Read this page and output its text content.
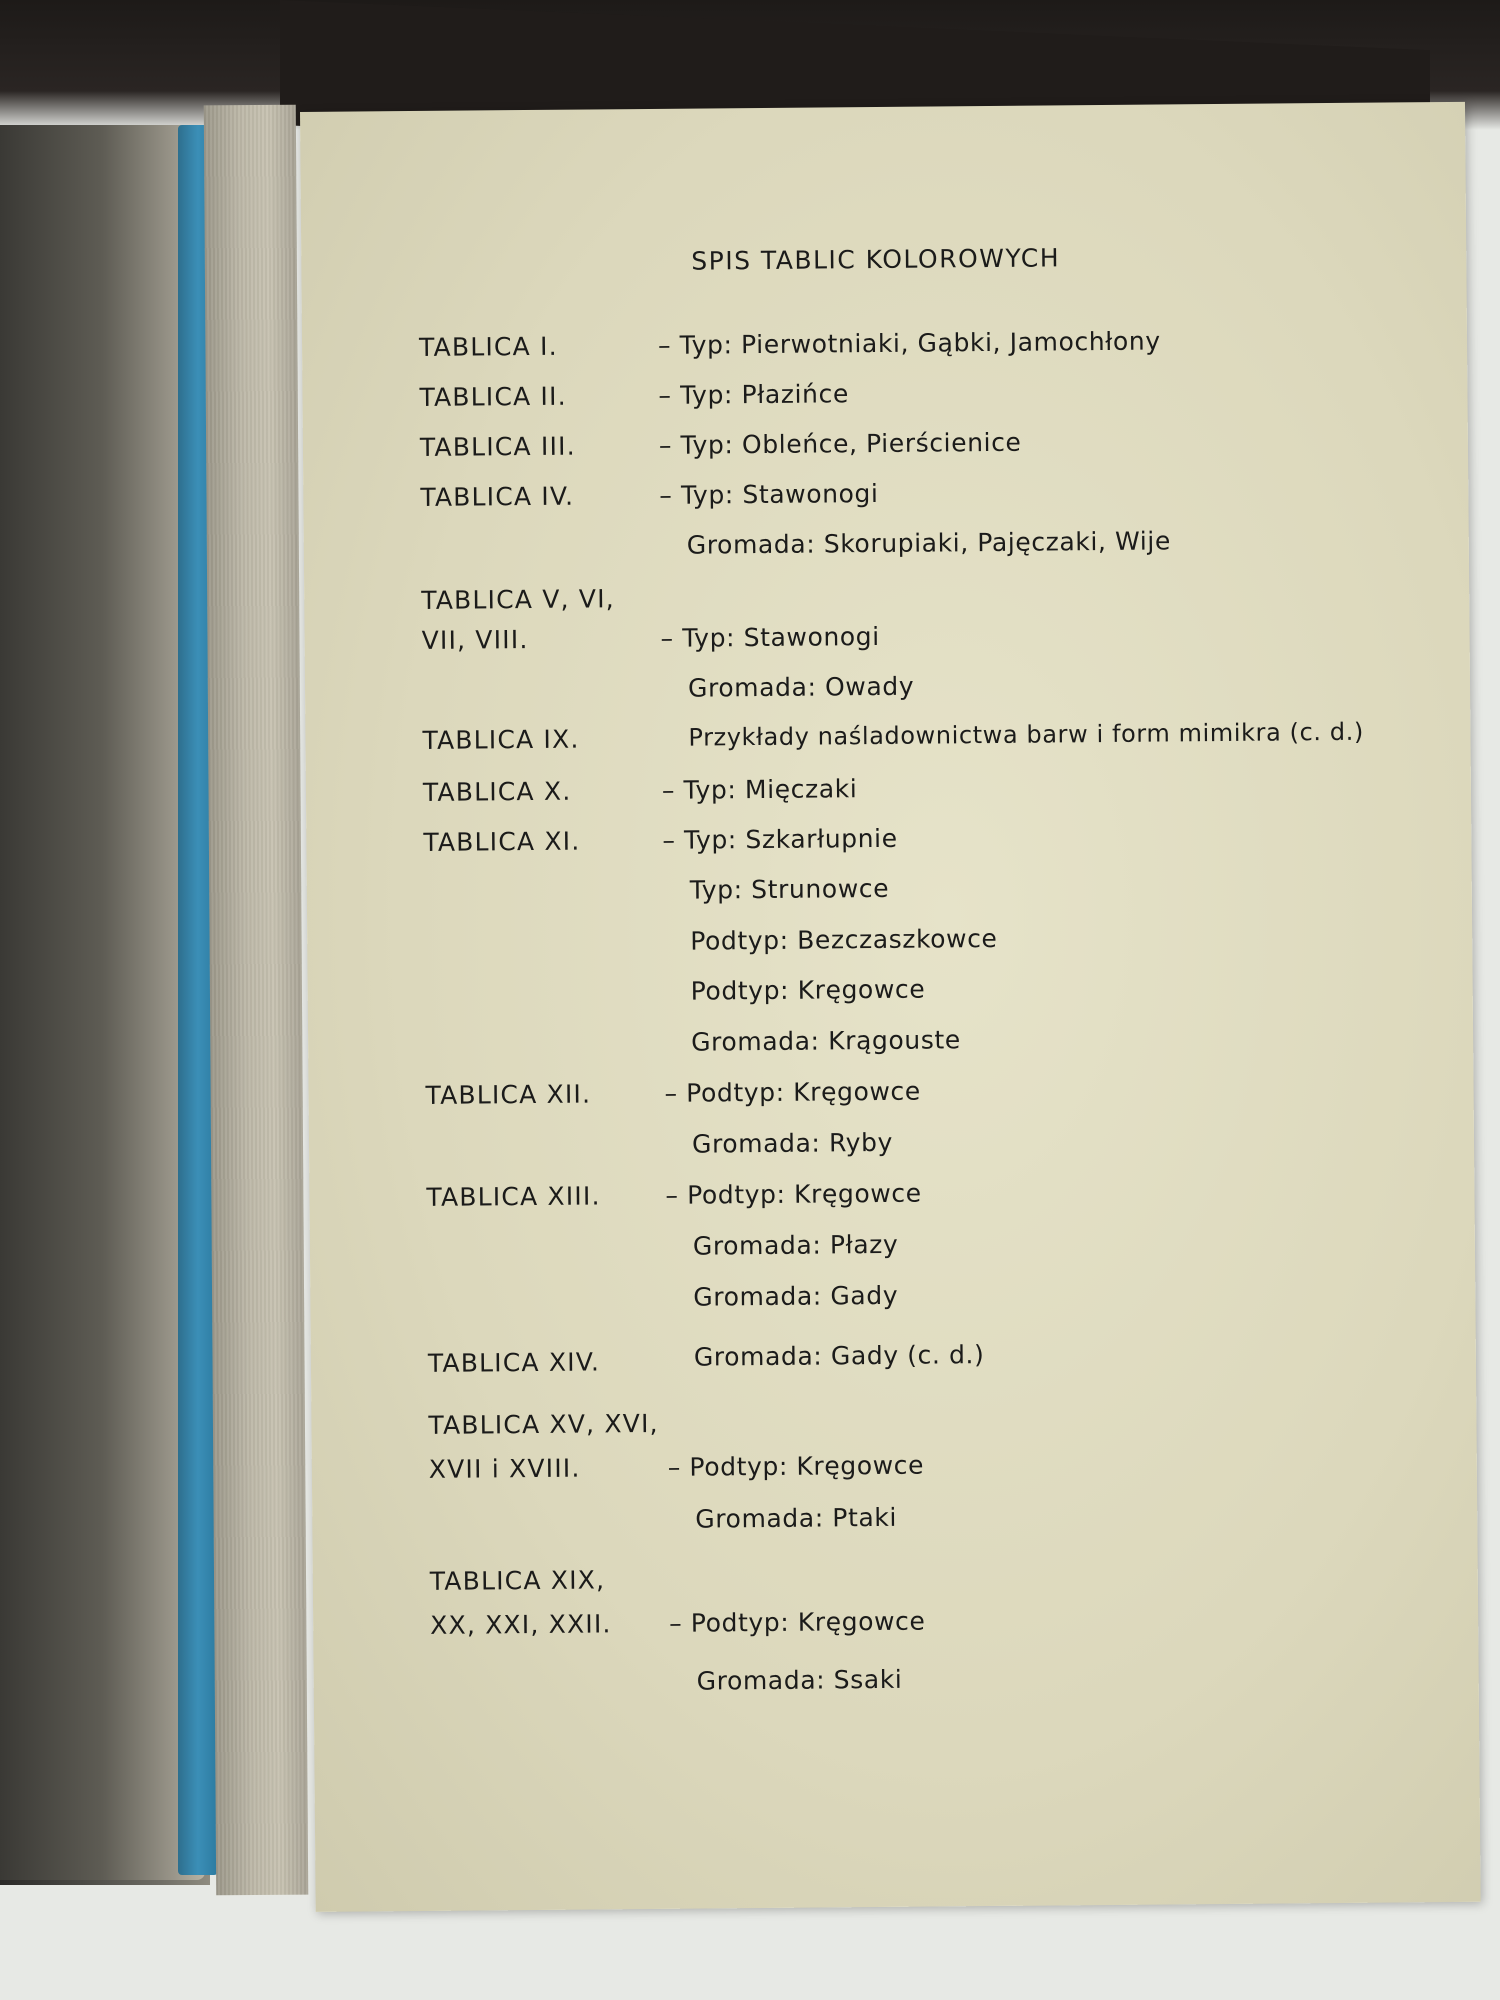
SPIS TABLIC KOLOROWYCH
TABLICA I.	– Typ: Pierwotniaki, Gąbki, Jamochłony
TABLICA II.	– Typ: Płazińce
TABLICA III.	– Typ: Obleńce, Pierścienice
TABLICA IV.	– Typ: Stawonogi
Gromada: Skorupiaki, Pajęczaki, Wije
TABLICA V, VI,
VII, VIII.	– Typ: Stawonogi
Gromada: Owady
TABLICA IX.	Przykłady naśladownictwa barw i form mimikra (c. d.)
TABLICA X.	– Typ: Mięczaki
TABLICA XI.	– Typ: Szkarłupnie
Typ: Strunowce
Podtyp: Bezczaszkowce
Podtyp: Kręgowce
Gromada: Krągouste
TABLICA XII.	– Podtyp: Kręgowce
Gromada: Ryby
TABLICA XIII.	– Podtyp: Kręgowce
Gromada: Płazy
Gromada: Gady
TABLICA XIV.	Gromada: Gady (c. d.)
TABLICA XV, XVI,
XVII i XVIII.	– Podtyp: Kręgowce
Gromada: Ptaki
TABLICA XIX,
XX, XXI, XXII. – Podtyp: Kręgowce
Gromada: Ssaki
